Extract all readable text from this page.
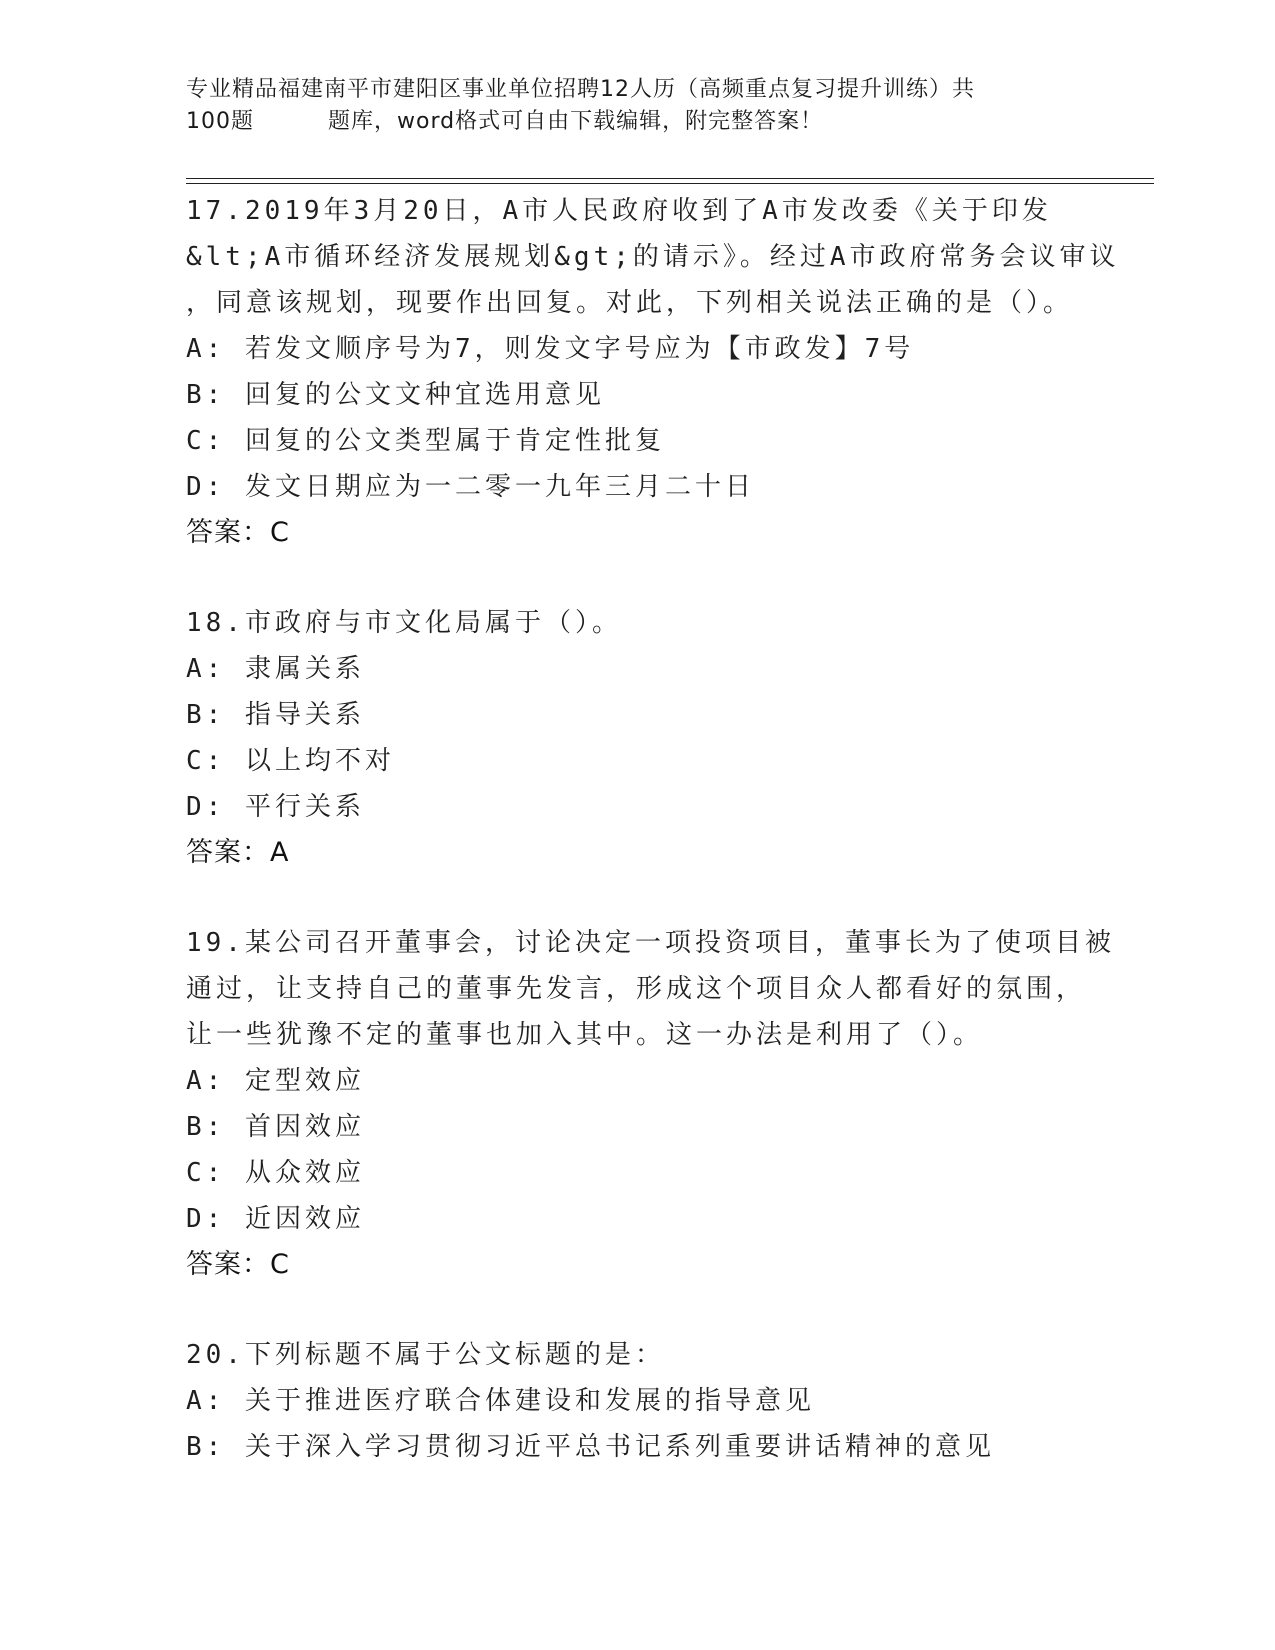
专业精品福建南平市建阳区事业单位招聘12人历（高频重点复习提升训练）共
100题	题库，word格式可自由下载编辑，附完整答案！
17.2019年3月20日，A市人民政府收到了A市发改委《关于印发
&lt;A市循环经济发展规划&gt;的请示》。经过A市政府常务会议审议
，同意该规划，现要作出回复。对此，下列相关说法正确的是（）。
A: 若发文顺序号为7，则发文字号应为【市政发】7号
B: 回复的公文文种宜选用意见
C: 回复的公文类型属于肯定性批复
D: 发文日期应为一二零一九年三月二十日
答案：C
18.市政府与市文化局属于（）。
A: 隶属关系
B: 指导关系
C: 以上均不对
D: 平行关系
答案：A
19.某公司召开董事会，讨论决定一项投资项目，董事长为了使项目被
通过，让支持自己的董事先发言，形成这个项目众人都看好的氛围，
让一些犹豫不定的董事也加入其中。这一办法是利用了（）。
A: 定型效应
B: 首因效应
C: 从众效应
D: 近因效应
答案：C
20.下列标题不属于公文标题的是：
A: 关于推进医疗联合体建设和发展的指导意见
B: 关于深入学习贯彻习近平总书记系列重要讲话精神的意见
